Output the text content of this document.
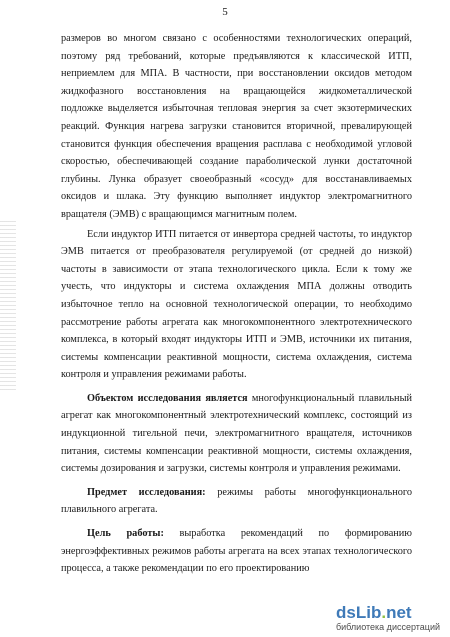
5

размеров во многом связано с особенностями технологических операций, поэтому ряд требований, которые предъявляются к классической ИТП, неприемлем для МПА. В частности, при восстановлении оксидов методом жидкофазного восстановления на вращающейся жидкометаллической подложке выделяется избыточная тепловая энергия за счет экзотермических реакций. Функция нагрева загрузки становится вторичной, превалирующей становится функция обеспечения вращения расплава с необходимой угловой скоростью, обеспечивающей создание параболической лунки достаточной глубины. Лунка образует своеобразный «сосуд» для восстанавливаемых оксидов и шлака. Эту функцию выполняет индуктор электромагнитного вращателя (ЭМВ) с вращающимся магнитным полем.

Если индуктор ИТП питается от инвертора средней частоты, то индуктор ЭМВ питается от преобразователя регулируемой (от средней до низкой) частоты в зависимости от этапа технологического цикла. Если к тому же учесть, что индукторы и система охлаждения МПА должны отводить избыточное тепло на основной технологической операции, то необходимо рассмотрение работы агрегата как многокомпонентного электротехнического комплекса, в который входят индукторы ИТП и ЭМВ, источники их питания, системы компенсации реактивной мощности, система охлаждения, система контроля и управления режимами работы.

Объектом исследования является многофункциональный плавильный агрегат как многокомпонентный электротехнический комплекс, состоящий из индукционной тигельной печи, электромагнитного вращателя, источников питания, системы компенсации реактивной мощности, системы охлаждения, системы дозирования и загрузки, системы контроля и управления режимами.

Предмет исследования: режимы работы многофункционального плавильного агрегата.

Цель работы: выработка рекомендаций по формированию энергоэффективных режимов работы агрегата на всех этапах технологического процесса, а также рекомендации по его проектированию

dsLib.net
библиотека диссертаций
